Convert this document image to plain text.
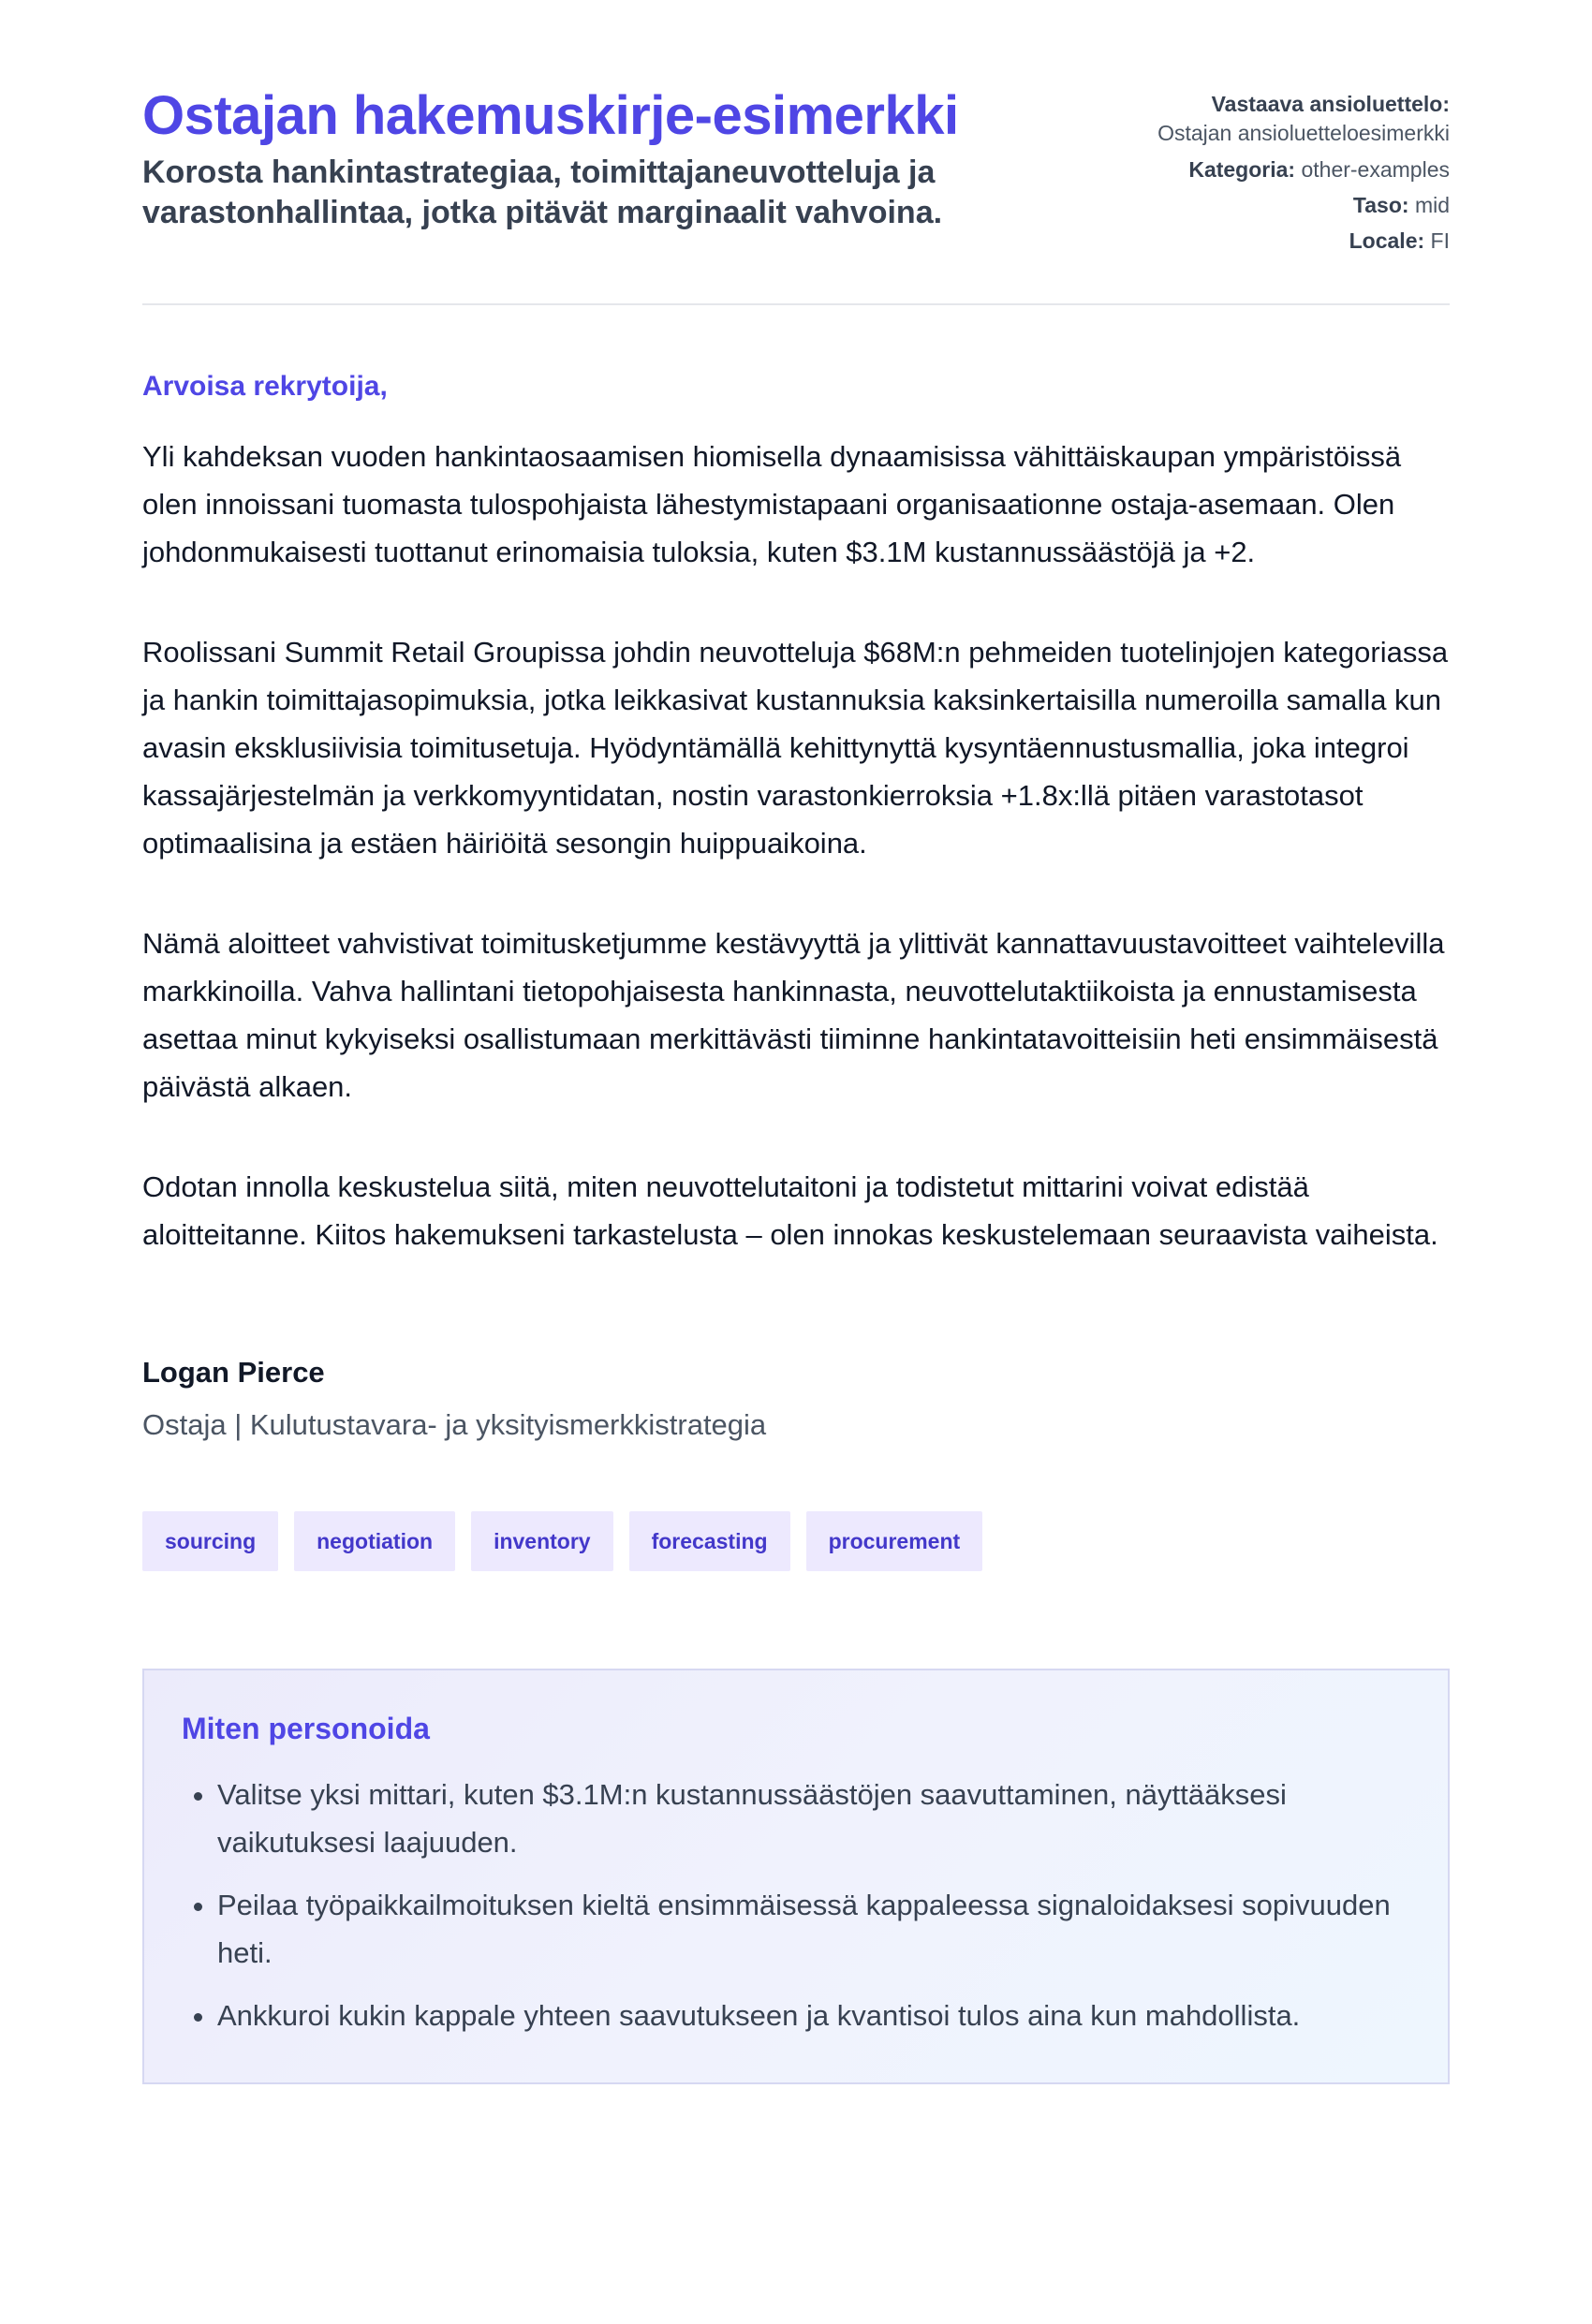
Ostajan hakemuskirje-esimerkki

Korosta hankintastrategiaa, toimittajaneuvotteluja ja varastonhallintaa, jotka pitävät marginaalit vahvoina.

Vastaava ansioluettelo:
Ostajan ansioluetteloesimerkki
Kategoria: other-examples
Taso: mid
Locale: FI
Arvoisa rekrytoija,

Yli kahdeksan vuoden hankintaosaamisen hiomisella dynaamisissa vähittäiskaupan ympäristöissä olen innoissani tuomasta tulospohjaista lähestymistapaani organisaationne ostaja-asemaan. Olen johdonmukaisesti tuottanut erinomaisia tuloksia, kuten $3.1M kustannussäästöjä ja +2.

Roolissani Summit Retail Groupissa johdin neuvotteluja $68M:n pehmeiden tuotelinjojen kategoriassa ja hankin toimittajasopimuksia, jotka leikkasivat kustannuksia kaksinkertaisilla numeroilla samalla kun avasin eksklusiivisia toimitusetuja. Hyödyntämällä kehittynyttä kysyntäennustusmallia, joka integroi kassajärjestelmän ja verkkomyyntidatan, nostin varastonkierroksia +1.8x:llä pitäen varastotasot optimaalisina ja estäen häiriöitä sesongin huippuaikoina.

Nämä aloitteet vahvistivat toimitusketjumme kestävyyttä ja ylittivät kannattavuustavoitteet vaihtelevilla markkinoilla. Vahva hallintani tietopohjaisesta hankinnasta, neuvottelutaktiikoista ja ennustamisesta asettaa minut kykyiseksi osallistumaan merkittävästi tiiminne hankintatavoitteisiin heti ensimmäisestä päivästä alkaen.

Odotan innolla keskustelua siitä, miten neuvottelutaitoni ja todistetut mittarini voivat edistää aloitteitanne. Kiitos hakemukseni tarkastelusta – olen innokas keskustelemaan seuraavista vaiheista.

Logan Pierce
Ostaja | Kulutustavara- ja yksityismerkkistrategia
sourcing	negotiation	inventory	forecasting	procurement
Miten personoida
• Valitse yksi mittari, kuten $3.1M:n kustannussäästöjen saavuttaminen, näyttääksesi vaikutuksesi laajuuden.
• Peilaa työpaikkailmoituksen kieltä ensimmäisessä kappaleessa signaloidaksesi sopivuuden heti.
• Ankkuroi kukin kappale yhteen saavutukseen ja kvantisoi tulos aina kun mahdollista.
